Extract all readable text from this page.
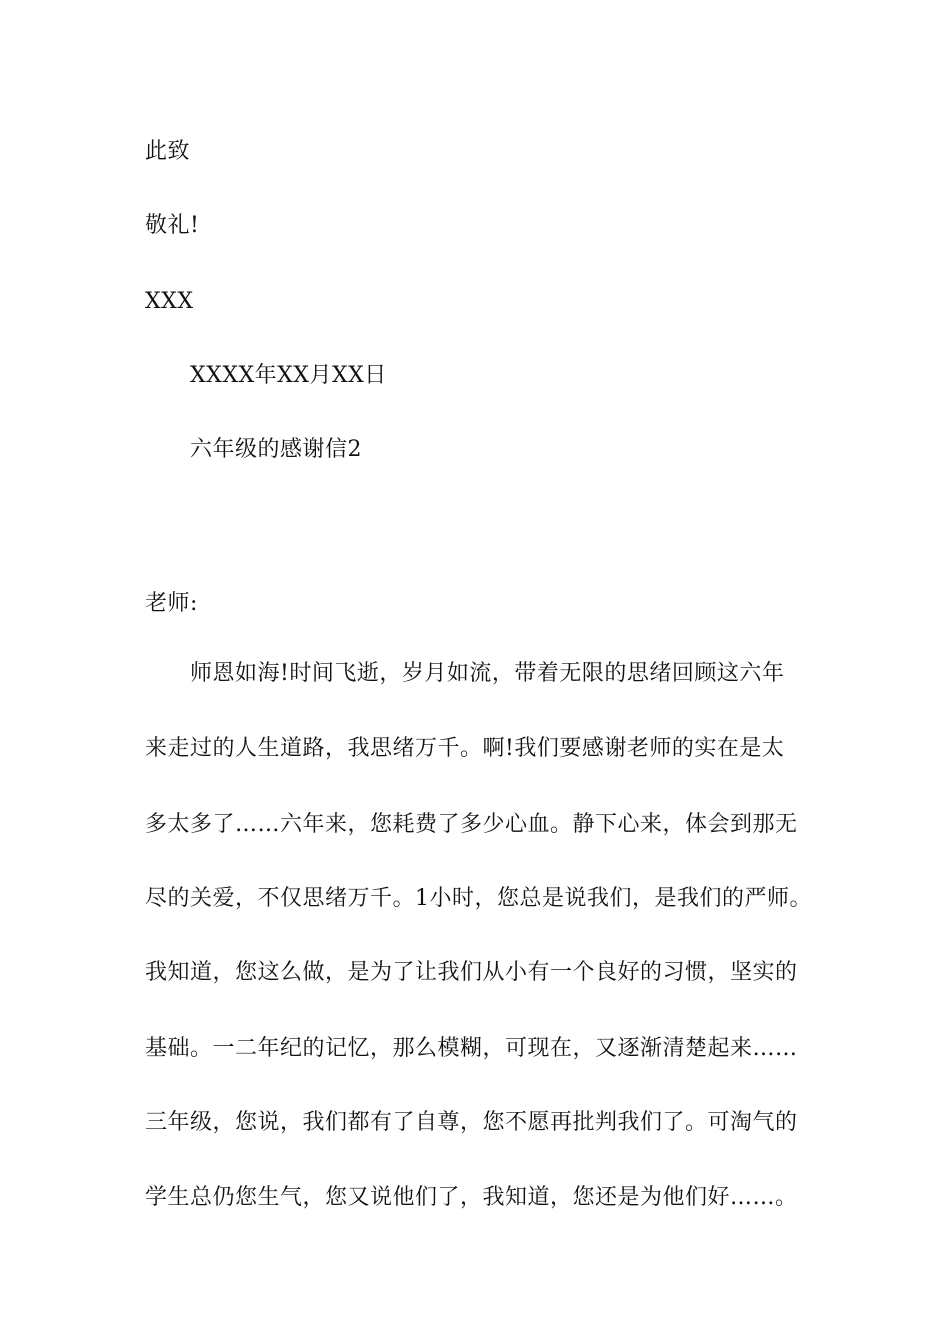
此致
敬礼!
XXX
XXXX年XX月XX日
六年级的感谢信2
老师:
师恩如海!时间飞逝，岁月如流，带着无限的思绪回顾这六年
来走过的人生道路，我思绪万千。啊!我们要感谢老师的实在是太
多太多了……六年来，您耗费了多少心血。静下心来，体会到那无
尽的关爱，不仅思绪万千。1小时，您总是说我们，是我们的严师。
我知道，您这么做，是为了让我们从小有一个良好的习惯，坚实的
基础。一二年纪的记忆，那么模糊，可现在，又逐渐清楚起来……
三年级，您说，我们都有了自尊，您不愿再批判我们了。可淘气的
学生总仍您生气，您又说他们了，我知道，您还是为他们好……。
